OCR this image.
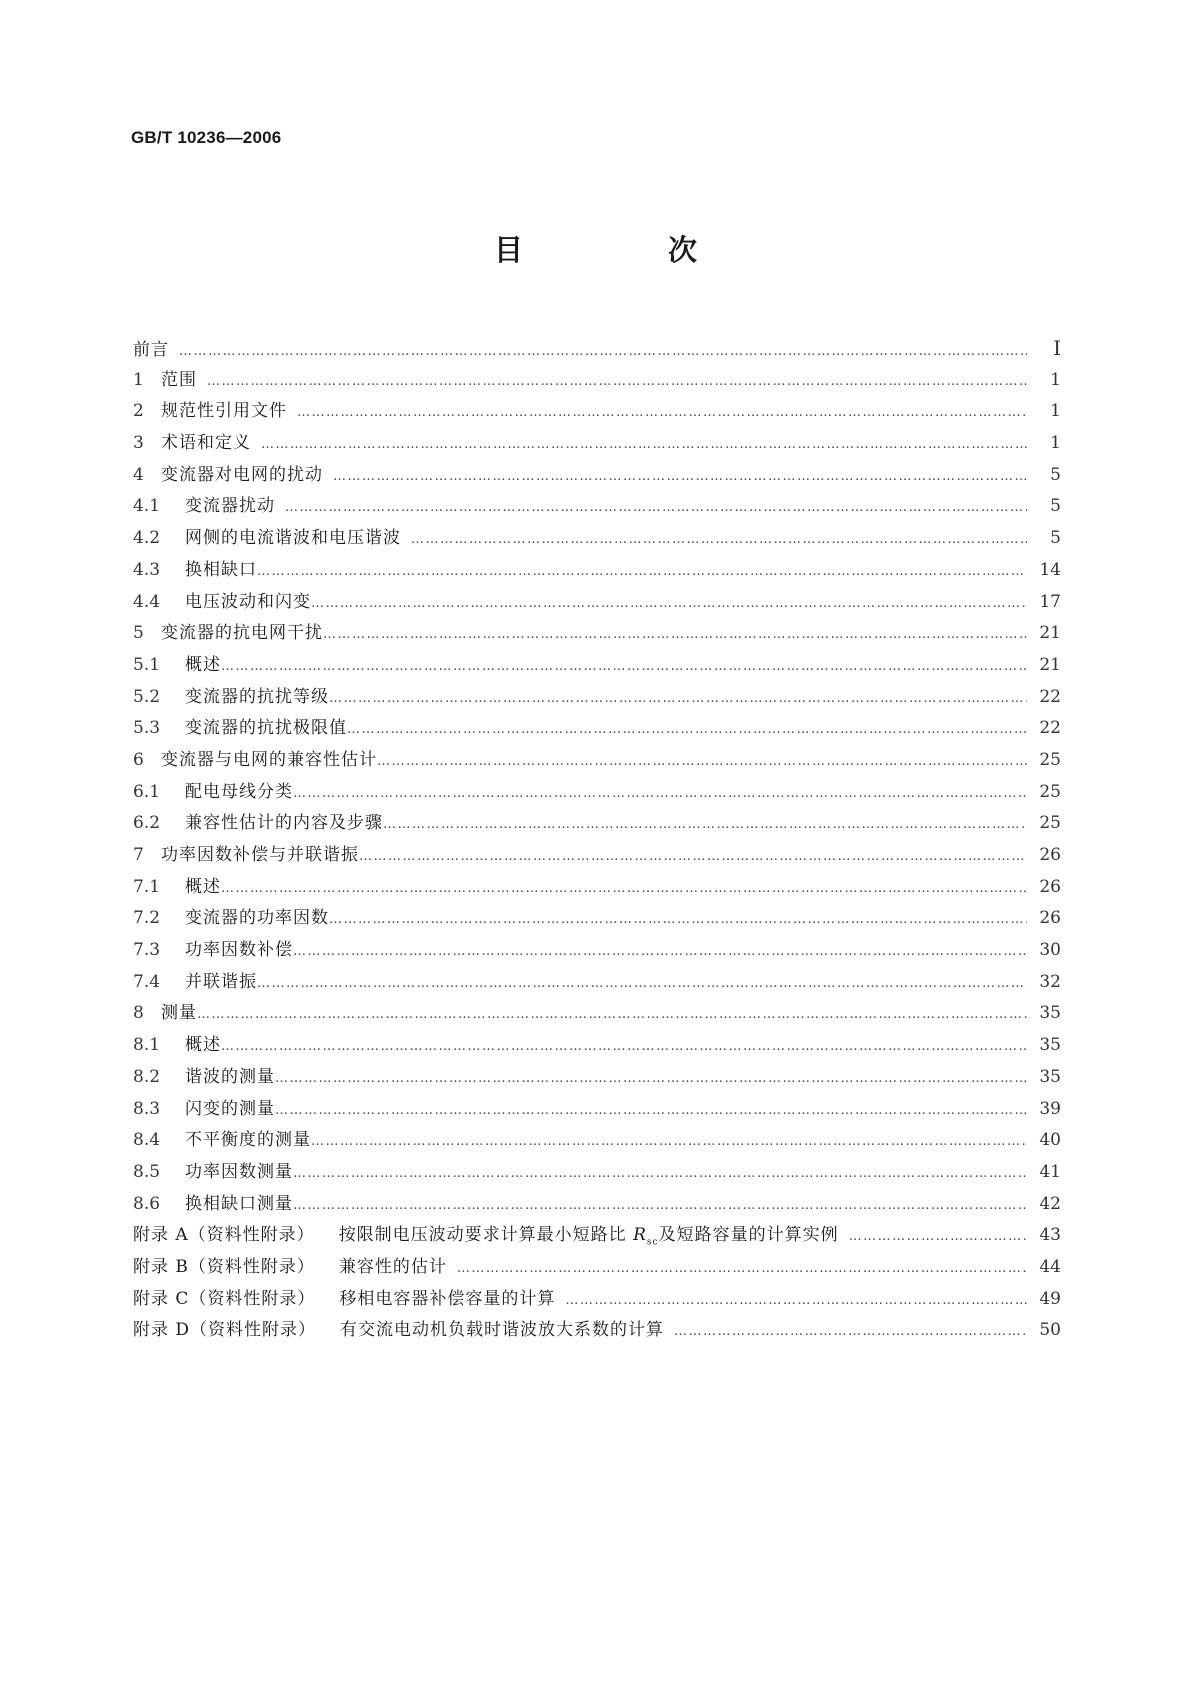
GB/T 10236—2006
目　次
前言 ………………………………………………………………………………………………………………………………………………………………………………………………………………………………………………………………………………	Ⅰ
1	范围 ………………………………………………………………………………………………………………………………………………………………………………………………………………………………………………………………………………	1
2	规范性引用文件 ………………………………………………………………………………………………………………………………………………………………………………………………………………………………………………………………………………	1
3	术语和定义 ………………………………………………………………………………………………………………………………………………………………………………………………………………………………………………………………………………	1
4	变流器对电网的扰动 ………………………………………………………………………………………………………………………………………………………………………………………………………………………………………………………………………………	5
4.1	变流器扰动 ………………………………………………………………………………………………………………………………………………………………………………………………………………………………………………………………………………	5
4.2	网侧的电流谐波和电压谐波 ………………………………………………………………………………………………………………………………………………………………………………………………………………………………………………………………………………	5
4.3	换相缺口 ………………………………………………………………………………………………………………………………………………………………………………………………………………………………………………………………………………	14
4.4	电压波动和闪变 ………………………………………………………………………………………………………………………………………………………………………………………………………………………………………………………………………………	17
5	变流器的抗电网干扰 ………………………………………………………………………………………………………………………………………………………………………………………………………………………………………………………………………………	21
5.1	概述 ………………………………………………………………………………………………………………………………………………………………………………………………………………………………………………………………………………	21
5.2	变流器的抗扰等级 ………………………………………………………………………………………………………………………………………………………………………………………………………………………………………………………………………………	22
5.3	变流器的抗扰极限值 ………………………………………………………………………………………………………………………………………………………………………………………………………………………………………………………………………………	22
6	变流器与电网的兼容性估计 ………………………………………………………………………………………………………………………………………………………………………………………………………………………………………………………………………………	25
6.1	配电母线分类 ………………………………………………………………………………………………………………………………………………………………………………………………………………………………………………………………………………	25
6.2	兼容性估计的内容及步骤 ………………………………………………………………………………………………………………………………………………………………………………………………………………………………………………………………………………	25
7	功率因数补偿与并联谐振 ………………………………………………………………………………………………………………………………………………………………………………………………………………………………………………………………………………	26
7.1	概述 ………………………………………………………………………………………………………………………………………………………………………………………………………………………………………………………………………………	26
7.2	变流器的功率因数 ………………………………………………………………………………………………………………………………………………………………………………………………………………………………………………………………………………	26
7.3	功率因数补偿 ………………………………………………………………………………………………………………………………………………………………………………………………………………………………………………………………………………	30
7.4	并联谐振 ………………………………………………………………………………………………………………………………………………………………………………………………………………………………………………………………………………	32
8	测量 ………………………………………………………………………………………………………………………………………………………………………………………………………………………………………………………………………………	35
8.1	概述 ………………………………………………………………………………………………………………………………………………………………………………………………………………………………………………………………………………	35
8.2	谐波的测量 ………………………………………………………………………………………………………………………………………………………………………………………………………………………………………………………………………………	35
8.3	闪变的测量 ………………………………………………………………………………………………………………………………………………………………………………………………………………………………………………………………………………	39
8.4	不平衡度的测量 ………………………………………………………………………………………………………………………………………………………………………………………………………………………………………………………………………………	40
8.5	功率因数测量 ………………………………………………………………………………………………………………………………………………………………………………………………………………………………………………………………………………	41
8.6	换相缺口测量 ………………………………………………………………………………………………………………………………………………………………………………………………………………………………………………………………………………	42
附录 A（资料性附录）	按限制电压波动要求计算最小短路比 $R_{sc}$及短路容量的计算实例 ………………………………………………………………………………………………………………………………………………………………………………………………………………………………………………………………………………	43
附录 B（资料性附录）	兼容性的估计 ………………………………………………………………………………………………………………………………………………………………………………………………………………………………………………………………………………	44
附录 C（资料性附录）	移相电容器补偿容量的计算 ………………………………………………………………………………………………………………………………………………………………………………………………………………………………………………………………………………	49
附录 D（资料性附录）	有交流电动机负载时谐波放大系数的计算 ………………………………………………………………………………………………………………………………………………………………………………………………………………………………………………………………………………	50
